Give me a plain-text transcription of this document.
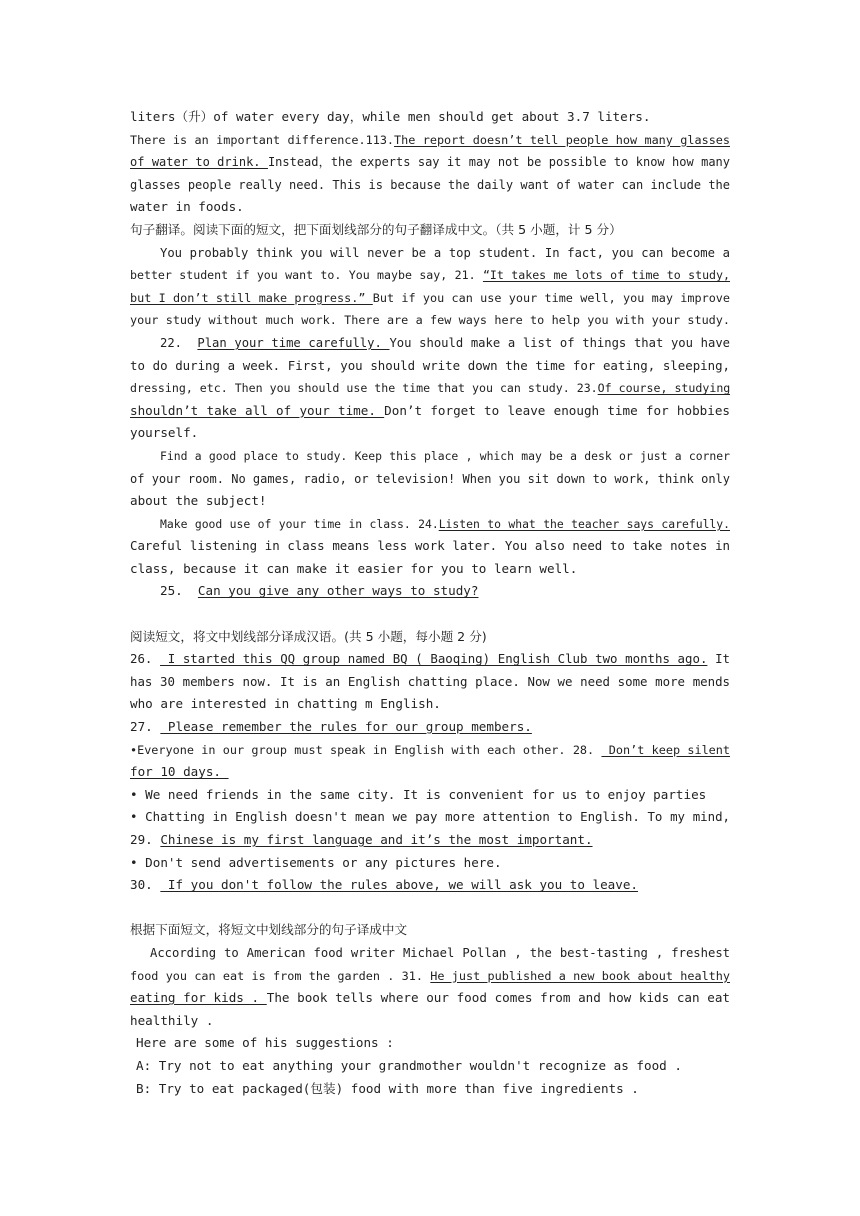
liters（升）of water every day，while men should get about 3.7 liters.
There is an important difference.113.The report doesn’t tell people how many glasses
of water to drink. Instead，the experts say it may not be possible to know how many
glasses people really need. This is because the daily want of water can include the
water in foods.
句子翻译。阅读下面的短文，把下面划线部分的句子翻译成中文。（共 5 小题，计 5 分）
You probably think you will never be a top student. In fact, you can become a
better student if you want to. You maybe say, 21. “It takes me lots of time to study,
but I don’t still make progress.” But if you can use your time well, you may improve
your study without much work. There are a few ways here to help you with your study.
22.  Plan your time carefully. You should make a list of things that you have
to do during a week. First, you should write down the time for eating, sleeping,
dressing, etc. Then you should use the time that you can study. 23.Of course, studying
shouldn’t take all of your time. Don’t forget to leave enough time for hobbies
yourself.
Find a good place to study. Keep this place , which may be a desk or just a corner
of your room. No games, radio, or television! When you sit down to work, think only
about the subject!
Make good use of your time in class. 24.Listen to what the teacher says carefully.
Careful listening in class means less work later. You also need to take notes in
class, because it can make it easier for you to learn well.
25.  Can you give any other ways to study?
阅读短文，将文中划线部分译成汉语。(共 5 小题，每小题 2 分)
26.  I started this QQ group named BQ ( Baoqing) English Club two months ago. It
has 30 members now. It is an English chatting place. Now we need some more mends
who are interested in chatting m English.
27.  Please remember the rules for our group members.
•Everyone in our group must speak in English with each other. 28.  Don’t keep silent
for 10 days.
• We need friends in the same city. It is convenient for us to enjoy parties
• Chatting in English doesn't mean we pay more attention to English. To my mind,
29. Chinese is my first language and it’s the most important.
• Don't send advertisements or any pictures here.
30.  If you don't follow the rules above, we will ask you to leave.
根据下面短文，将短文中划线部分的句子译成中文
According to American food writer Michael Pollan , the best-tasting , freshest
food you can eat is from the garden . 31. He just published a new book about healthy
eating for kids . The book tells where our food comes from and how kids can eat
healthily .
Here are some of his suggestions :
A: Try not to eat anything your grandmother wouldn't recognize as food .
B: Try to eat packaged(包装) food with more than five ingredients .
